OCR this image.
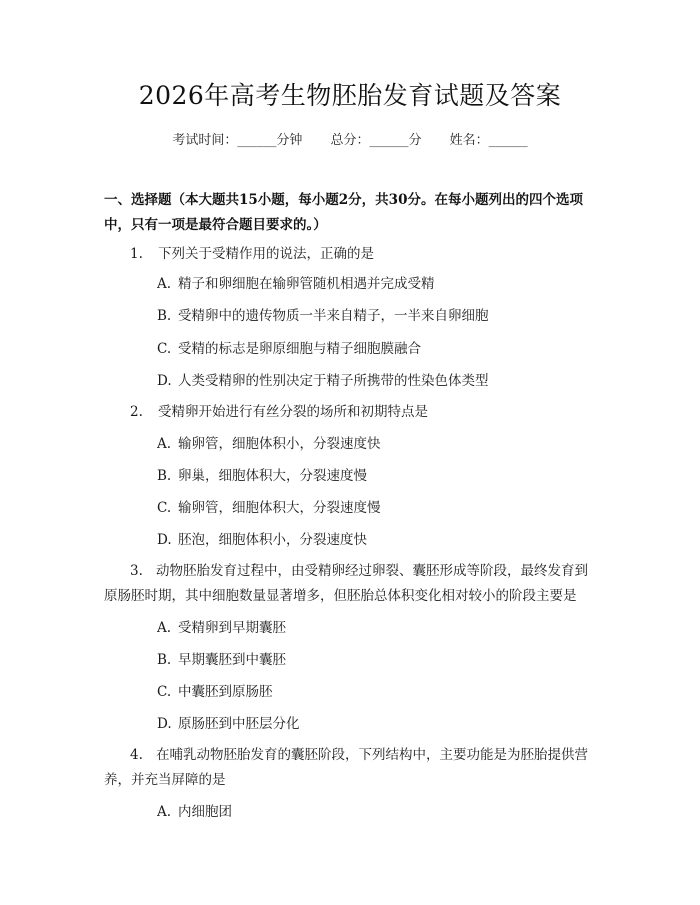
2026年高考生物胚胎发育试题及答案
考试时间：______分钟 总分：______分 姓名：______
一、选择题（本大题共15小题，每小题2分，共30分。在每小题列出的四个选项中，只有一项是最符合题目要求的。）
1. 下列关于受精作用的说法，正确的是
A. 精子和卵细胞在输卵管随机相遇并完成受精
B. 受精卵中的遗传物质一半来自精子，一半来自卵细胞
C. 受精的标志是卵原细胞与精子细胞膜融合
D. 人类受精卵的性别决定于精子所携带的性染色体类型
2. 受精卵开始进行有丝分裂的场所和初期特点是
A. 输卵管，细胞体积小，分裂速度快
B. 卵巢，细胞体积大，分裂速度慢
C. 输卵管，细胞体积大，分裂速度慢
D. 胚泡，细胞体积小，分裂速度快
3. 动物胚胎发育过程中，由受精卵经过卵裂、囊胚形成等阶段，最终发育到原肠胚时期，其中细胞数量显著增多，但胚胎总体积变化相对较小的阶段主要是
A. 受精卵到早期囊胚
B. 早期囊胚到中囊胚
C. 中囊胚到原肠胚
D. 原肠胚到中胚层分化
4. 在哺乳动物胚胎发育的囊胚阶段，下列结构中，主要功能是为胚胎提供营养，并充当屏障的是
A. 内细胞团
